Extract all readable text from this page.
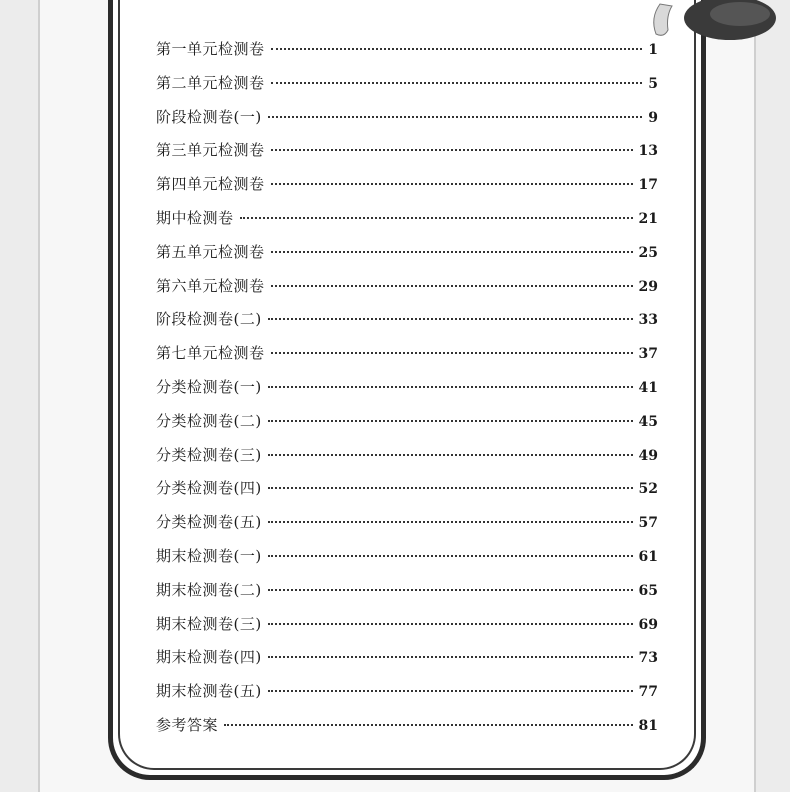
第一单元检测卷	1
第二单元检测卷	5
阶段检测卷(一)	9
第三单元检测卷	13
第四单元检测卷	17
期中检测卷	21
第五单元检测卷	25
第六单元检测卷	29
阶段检测卷(二)	33
第七单元检测卷	37
分类检测卷(一)	41
分类检测卷(二)	45
分类检测卷(三)	49
分类检测卷(四)	52
分类检测卷(五)	57
期末检测卷(一)	61
期末检测卷(二)	65
期末检测卷(三)	69
期末检测卷(四)	73
期末检测卷(五)	77
参考答案	81
